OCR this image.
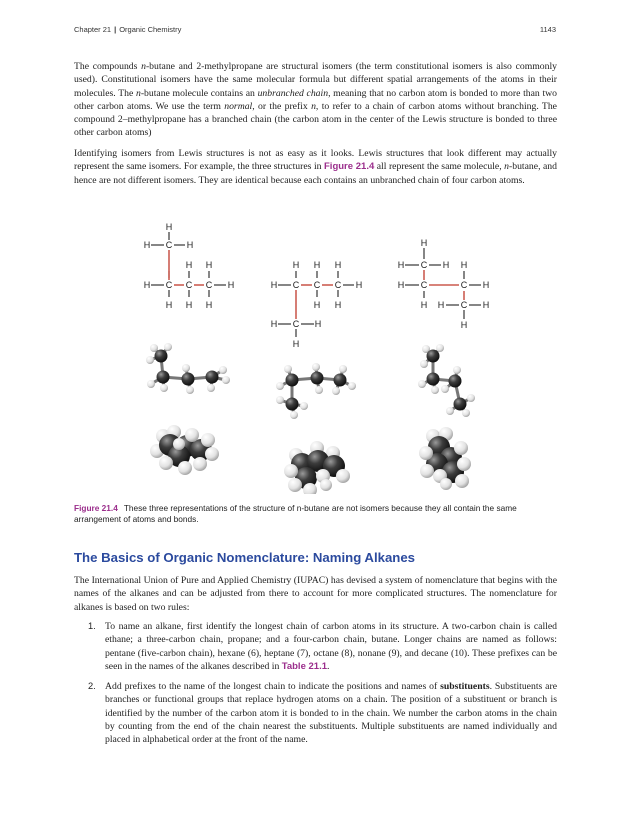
Chapter 21 | Organic Chemistry	1143

The compounds n-butane and 2-methylpropane are structural isomers (the term constitutional isomers is also commonly used). Constitutional isomers have the same molecular formula but different spatial arrangements of the atoms in their molecules. The n-butane molecule contains an unbranched chain, meaning that no carbon atom is bonded to more than two other carbon atoms. We use the term normal, or the prefix n, to refer to a chain of carbon atoms without branching. The compound 2–methylpropane has a branched chain (the carbon atom in the center of the Lewis structure is bonded to three other carbon atoms)

Identifying isomers from Lewis structures is not as easy as it looks. Lewis structures that look different may actually represent the same isomers. For example, the three structures in Figure 21.4 all represent the same molecule, n-butane, and hence are not different isomers. They are identical because each contains an unbranched chain of four carbon atoms.

H
H C H
H H
H C C C H
H H H
H H H
H C C C H
H H
H C H
H
H
H C H H
H C	C H
H H C H
H

Figure 21.4 These three representations of the structure of n-butane are not isomers because they all contain the same arrangement of atoms and bonds.

The Basics of Organic Nomenclature: Naming Alkanes

The International Union of Pure and Applied Chemistry (IUPAC) has devised a system of nomenclature that begins with the names of the alkanes and can be adjusted from there to account for more complicated structures. The nomenclature for alkanes is based on two rules:

1. To name an alkane, first identify the longest chain of carbon atoms in its structure. A two-carbon chain is called ethane; a three-carbon chain, propane; and a four-carbon chain, butane. Longer chains are named as follows: pentane (five-carbon chain), hexane (6), heptane (7), octane (8), nonane (9), and decane (10). These prefixes can be seen in the names of the alkanes described in Table 21.1.
2. Add prefixes to the name of the longest chain to indicate the positions and names of substituents. Substituents are branches or functional groups that replace hydrogen atoms on a chain. The position of a substituent or branch is identified by the number of the carbon atom it is bonded to in the chain. We number the carbon atoms in the chain by counting from the end of the chain nearest the substituents. Multiple substituents are named individually and placed in alphabetical order at the front of the name.
